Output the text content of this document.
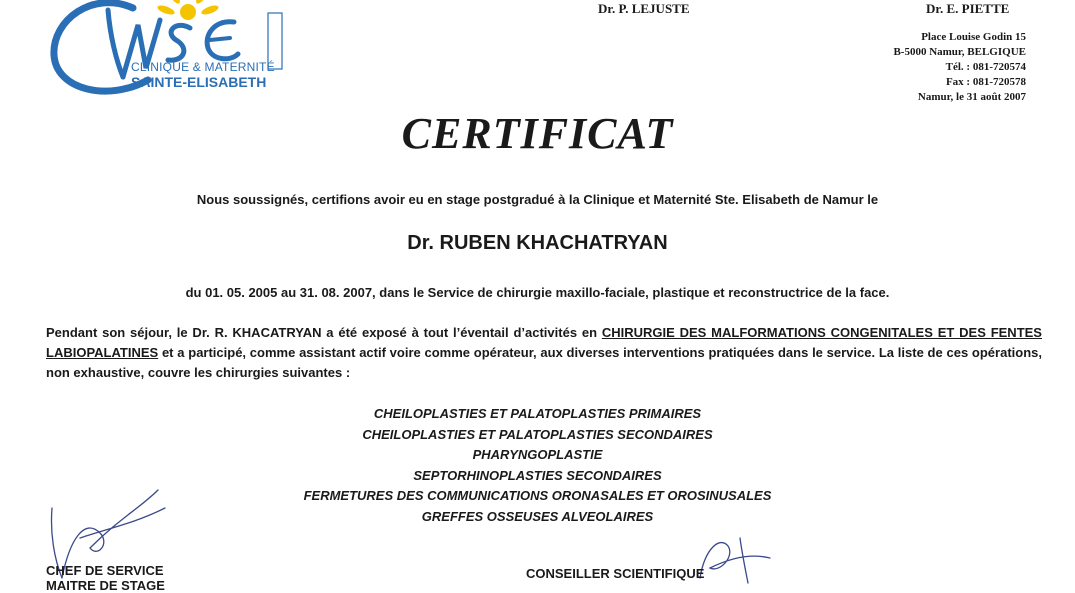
CLINIQUE & MATERNITÉ
SAINTE-ELISABETH
Dr. P. LEJUSTE	Dr. E. PIETTE
Place Louise Godin 15
B-5000 Namur, BELGIQUE
Tél. : 081-720574
Fax : 081-720578
Namur, le 31 août 2007
CERTIFICAT
Nous soussignés, certifions avoir eu en stage postgradué à la Clinique et Maternité Ste. Elisabeth de Namur le
Dr. RUBEN KHACHATRYAN
du 01. 05. 2005 au 31. 08. 2007, dans le Service de chirurgie maxillo-faciale, plastique et reconstructrice de la face.
Pendant son séjour, le Dr. R. KHACATRYAN a été exposé à tout l’éventail d’activités en CHIRURGIE DES MALFORMATIONS CONGENITALES ET DES FENTES LABIOPALATINES et a participé, comme assistant actif voire comme opérateur, aux diverses interventions pratiquées dans le service. La liste de ces opérations, non exhaustive, couvre les chirurgies suivantes :
CHEILOPLASTIES ET PALATOPLASTIES PRIMAIRES
CHEILOPLASTIES ET PALATOPLASTIES SECONDAIRES
PHARYNGOPLASTIE
SEPTORHINOPLASTIES SECONDAIRES
FERMETURES DES COMMUNICATIONS ORONASALES ET OROSINUSALES
GREFFES OSSEUSES ALVEOLAIRES
CHEF DE SERVICE
MAITRE DE STAGE
CONSEILLER SCIENTIFIQUE
